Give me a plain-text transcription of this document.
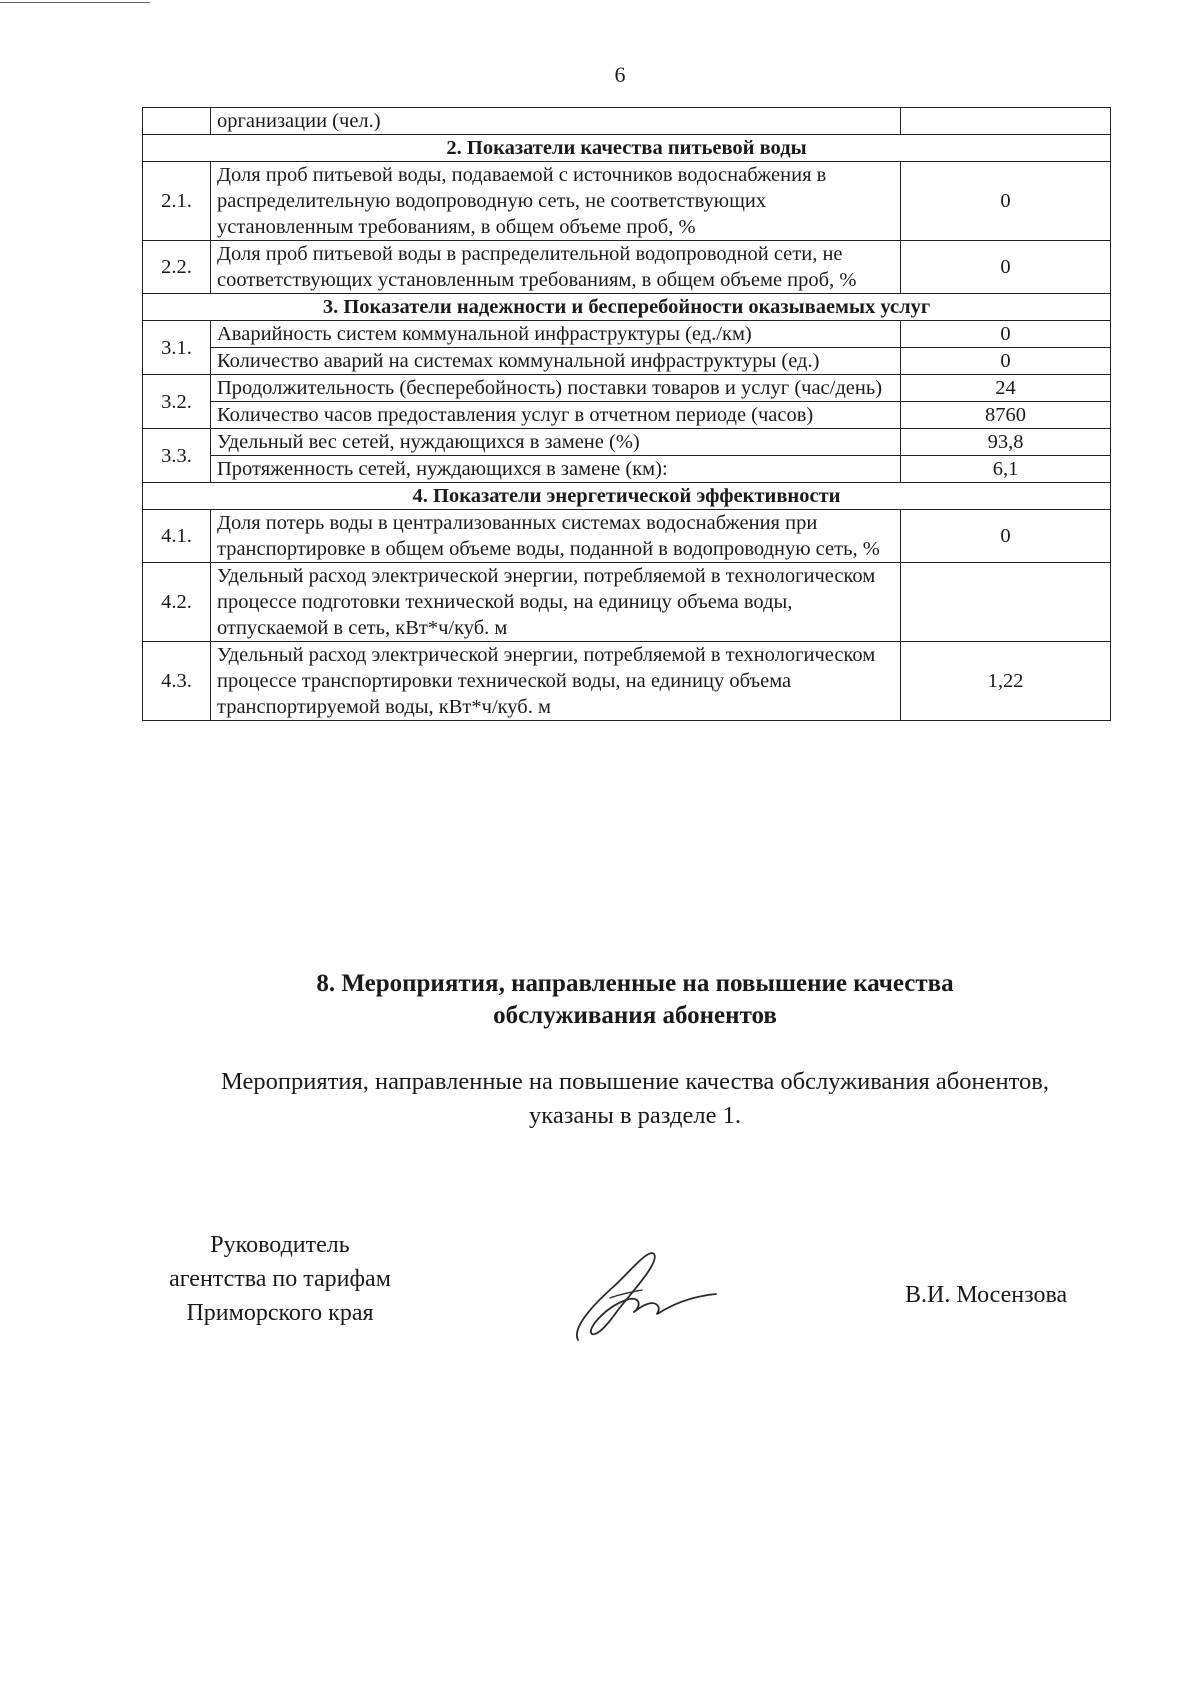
6
	организации (чел.)	
2. Показатели качества питьевой воды		
2.1.	Доля проб питьевой воды, подаваемой с источников водоснабжения в распределительную водопроводную сеть, не соответствующих установленным требованиям, в общем объеме проб, %	0
2.2.	Доля проб питьевой воды в распределительной водопроводной сети, не соответствующих установленным требованиям, в общем объеме проб, %	0
3. Показатели надежности и бесперебойности оказываемых услуг		
3.1.	Аварийность систем коммунальной инфраструктуры (ед./км)	0
	Количество аварий на системах коммунальной инфраструктуры (ед.)	0
3.2.	Продолжительность (бесперебойность) поставки товаров и услуг (час/день)	24
	Количество часов предоставления услуг в отчетном периоде (часов)	8760
3.3.	Удельный вес сетей, нуждающихся в замене (%)	93,8
	Протяженность сетей, нуждающихся в замене (км):	6,1
4. Показатели энергетической эффективности		
4.1.	Доля потерь воды в централизованных системах водоснабжения при транспортировке в общем объеме воды, поданной в водопроводную сеть, %	0
4.2.	Удельный расход электрической энергии, потребляемой в технологическом процессе подготовки технической воды, на единицу объема воды, отпускаемой в сеть, кВт*ч/куб. м	
4.3.	Удельный расход электрической энергии, потребляемой в технологическом процессе транспортировки технической воды, на единицу объема транспортируемой воды, кВт*ч/куб. м	1,22
8. Мероприятия, направленные на повышение качества
обслуживания абонентов
Мероприятия, направленные на повышение качества обслуживания абонентов,
указаны в разделе 1.
Руководитель
агентства по тарифам
Приморского края
В.И. Мосензова
